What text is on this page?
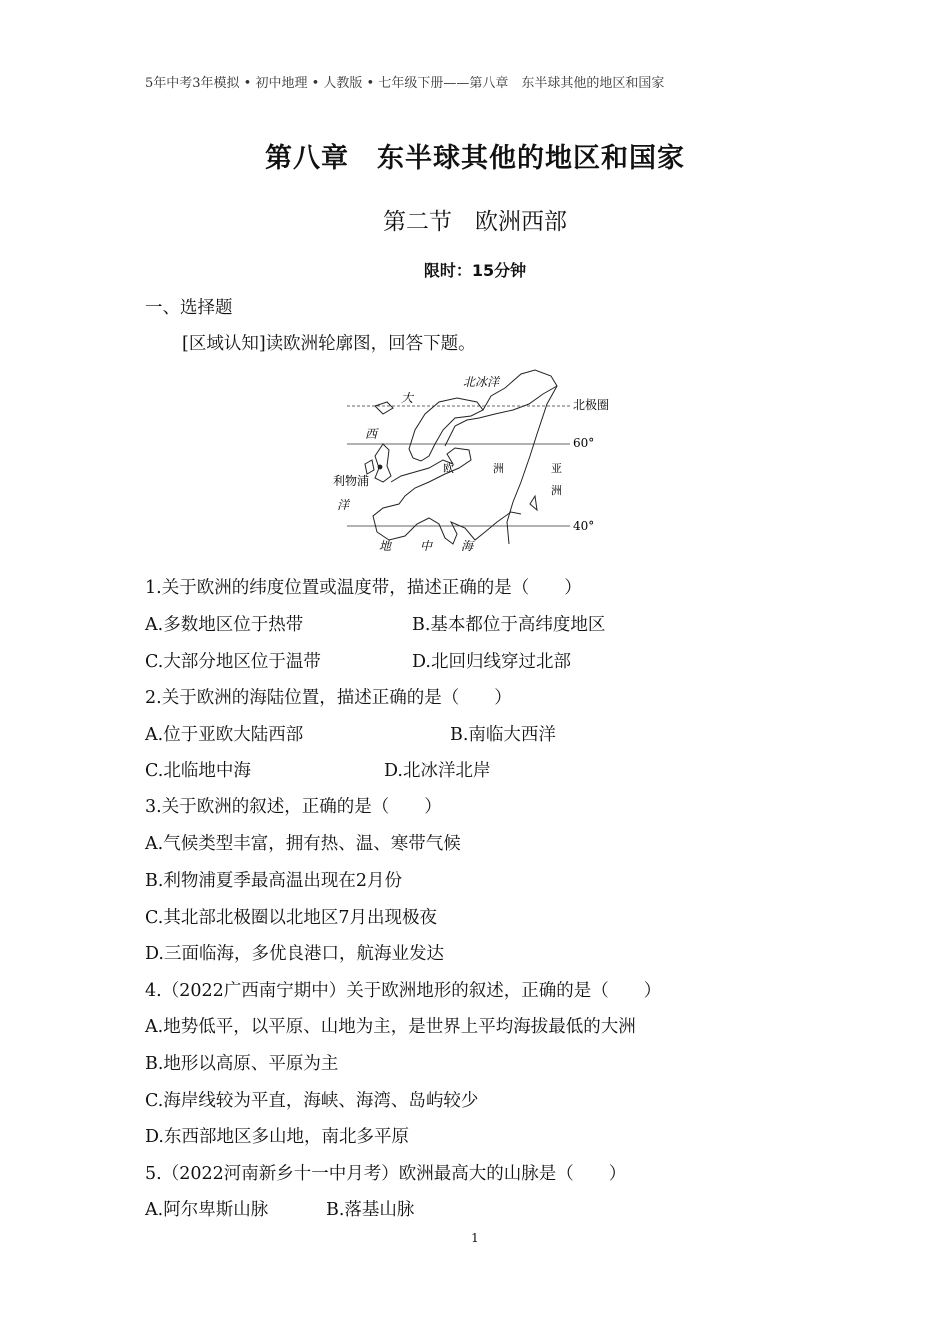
5年中考3年模拟 • 初中地理 • 人教版 • 七年级下册——第八章　东半球其他的地区和国家
第八章　东半球其他的地区和国家
第二节　欧洲西部
限时：15分钟
一、选择题
[区域认知]读欧洲轮廓图，回答下题。
北冰洋
北极圈
60°
40°
大
西
利物浦
洋
地 中 海
欧	洲	亚
洲
1.关于欧洲的纬度位置或温度带，描述正确的是（　　）
A.多数地区位于热带	B.基本都位于高纬度地区
C.大部分地区位于温带	D.北回归线穿过北部
2.关于欧洲的海陆位置，描述正确的是（　　）
A.位于亚欧大陆西部	B.南临大西洋
C.北临地中海	D.北冰洋北岸
3.关于欧洲的叙述，正确的是（　　）
A.气候类型丰富，拥有热、温、寒带气候
B.利物浦夏季最高温出现在2月份
C.其北部北极圈以北地区7月出现极夜
D.三面临海，多优良港口，航海业发达
4.（2022广西南宁期中）关于欧洲地形的叙述，正确的是（　　）
A.地势低平，以平原、山地为主，是世界上平均海拔最低的大洲
B.地形以高原、平原为主
C.海岸线较为平直，海峡、海湾、岛屿较少
D.东西部地区多山地，南北多平原
5.（2022河南新乡十一中月考）欧洲最高大的山脉是（　　）
A.阿尔卑斯山脉	B.落基山脉
1
